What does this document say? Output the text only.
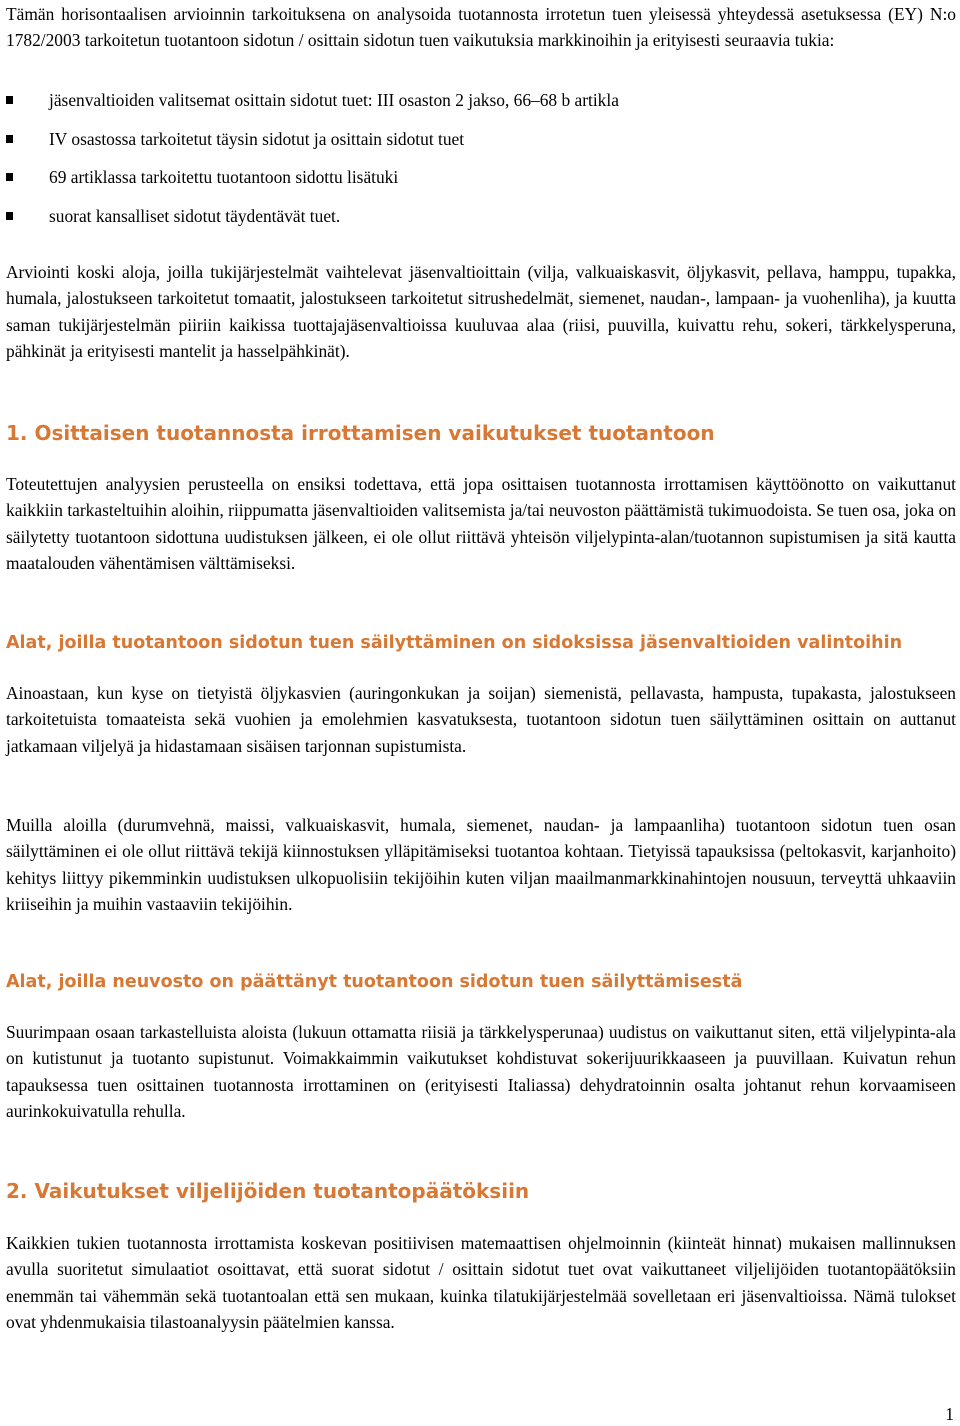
Tämän horisontaalisen arvioinnin tarkoituksena on analysoida tuotannosta irrotetun tuen yleisessä yhteydessä asetuksessa (EY) N:o 1782/2003 tarkoitetun tuotantoon sidotun / osittain sidotun tuen vaikutuksia markkinoihin ja erityisesti seuraavia tukia:

jäsenvaltioiden valitsemat osittain sidotut tuet: III osaston 2 jakso, 66–68 b artikla
IV osastossa tarkoitetut täysin sidotut ja osittain sidotut tuet
69 artiklassa tarkoitettu tuotantoon sidottu lisätuki
suorat kansalliset sidotut täydentävät tuet.

Arviointi koski aloja, joilla tukijärjestelmät vaihtelevat jäsenvaltioittain (vilja, valkuaiskasvit, öljykasvit, pellava, hamppu, tupakka, humala, jalostukseen tarkoitetut tomaatit, jalostukseen tarkoitetut sitrushedelmät, siemenet, naudan-, lampaan- ja vuohenliha), ja kuutta saman tukijärjestelmän piiriin kaikissa tuottajajäsenvaltioissa kuuluvaa alaa (riisi, puuvilla, kuivattu rehu, sokeri, tärkkelysperuna, pähkinät ja erityisesti mantelit ja hasselpähkinät).

1. Osittaisen tuotannosta irrottamisen vaikutukset tuotantoon

Toteutettujen analyysien perusteella on ensiksi todettava, että jopa osittaisen tuotannosta irrottamisen käyttöönotto on vaikuttanut kaikkiin tarkasteltuihin aloihin, riippumatta jäsenvaltioiden valitsemista ja/tai neuvoston päättämistä tukimuodoista. Se tuen osa, joka on säilytetty tuotantoon sidottuna uudistuksen jälkeen, ei ole ollut riittävä yhteisön viljelypinta-alan/tuotannon supistumisen ja sitä kautta maatalouden vähentämisen välttämiseksi.

Alat, joilla tuotantoon sidotun tuen säilyttäminen on sidoksissa jäsenvaltioiden valintoihin

Ainoastaan, kun kyse on tietyistä öljykasvien (auringonkukan ja soijan) siemenistä, pellavasta, hampusta, tupakasta, jalostukseen tarkoitetuista tomaateista sekä vuohien ja emolehmien kasvatuksesta, tuotantoon sidotun tuen säilyttäminen osittain on auttanut jatkamaan viljelyä ja hidastamaan sisäisen tarjonnan supistumista.

Muilla aloilla (durumvehnä, maissi, valkuaiskasvit, humala, siemenet, naudan- ja lampaanliha) tuotantoon sidotun tuen osan säilyttäminen ei ole ollut riittävä tekijä kiinnostuksen ylläpitämiseksi tuotantoa kohtaan. Tietyissä tapauksissa (peltokasvit, karjanhoito) kehitys liittyy pikemminkin uudistuksen ulkopuolisiin tekijöihin kuten viljan maailmanmarkkinahintojen nousuun, terveyttä uhkaaviin kriiseihin ja muihin vastaaviin tekijöihin.

Alat, joilla neuvosto on päättänyt tuotantoon sidotun tuen säilyttämisestä

Suurimpaan osaan tarkastelluista aloista (lukuun ottamatta riisiä ja tärkkelysperunaa) uudistus on vaikuttanut siten, että viljelypinta-ala on kutistunut ja tuotanto supistunut. Voimakkaimmin vaikutukset kohdistuvat sokerijuurikkaaseen ja puuvillaan. Kuivatun rehun tapauksessa tuen osittainen tuotannosta irrottaminen on (erityisesti Italiassa) dehydratoinnin osalta johtanut rehun korvaamiseen aurinkokuivatulla rehulla.

2. Vaikutukset viljelijöiden tuotantopäätöksiin

Kaikkien tukien tuotannosta irrottamista koskevan positiivisen matemaattisen ohjelmoinnin (kiinteät hinnat) mukaisen mallinnuksen avulla suoritetut simulaatiot osoittavat, että suorat sidotut / osittain sidotut tuet ovat vaikuttaneet viljelijöiden tuotantopäätöksiin enemmän tai vähemmän sekä tuotantoalan että sen mukaan, kuinka tilatukijärjestelmää sovelletaan eri jäsenvaltioissa. Nämä tulokset ovat yhdenmukaisia tilastoanalyysin päätelmien kanssa.

1
